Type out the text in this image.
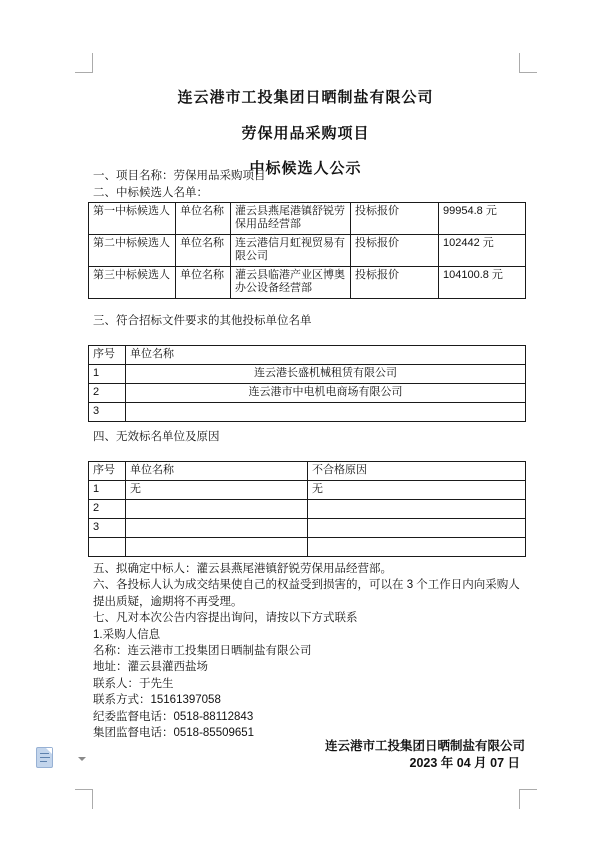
连云港市工投集团日晒制盐有限公司
劳保用品采购项目
中标候选人公示
一、项目名称：劳保用品采购项目
二、中标候选人名单：
第一中标候选人	单位名称	灌云县燕尾港镇舒锐劳保用品经营部	投标报价	99954.8 元
第二中标候选人	单位名称	连云港信月虹视贸易有限公司	投标报价	102442 元
第三中标候选人	单位名称	灌云县临港产业区博奥办公设备经营部	投标报价	104100.8 元
三、符合招标文件要求的其他投标单位名单
序号	单位名称
1	连云港长盛机械租赁有限公司
2	连云港市中电机电商场有限公司
3	
四、无效标名单位及原因
序号	单位名称	不合格原因
1	无	无
2		
3		

五、拟确定中标人：灌云县燕尾港镇舒锐劳保用品经营部。

六、各投标人认为成交结果使自己的权益受到损害的，可以在 3 个工作日内向采购人提出质疑，逾期将不再受理。

七、凡对本次公告内容提出询问，请按以下方式联系

1.采购人信息

名称：连云港市工投集团日晒制盐有限公司

地址：灌云县灌西盐场

联系人：于先生

联系方式：15161397058

纪委监督电话：0518-88112843

集团监督电话：0518-85509651

连云港市工投集团日晒制盐有限公司
2023 年 04 月 07 日
